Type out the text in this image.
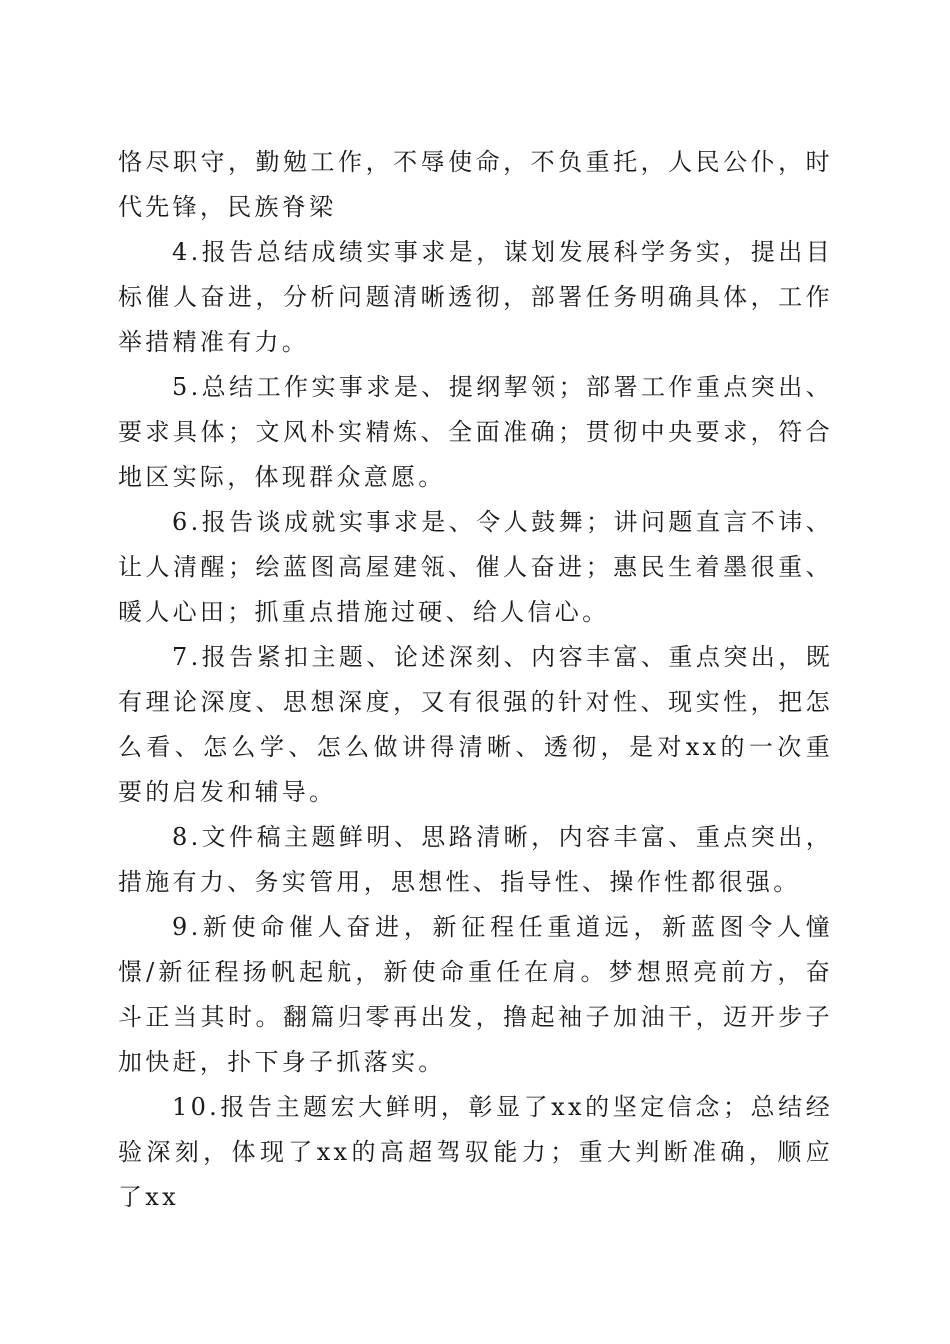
恪尽职守，勤勉工作，不辱使命，不负重托，人民公仆，时代先锋，民族脊梁

4.报告总结成绩实事求是，谋划发展科学务实，提出目标催人奋进，分析问题清晰透彻，部署任务明确具体，工作举措精准有力。

5.总结工作实事求是、提纲挈领；部署工作重点突出、要求具体；文风朴实精炼、全面准确；贯彻中央要求，符合地区实际，体现群众意愿。

6.报告谈成就实事求是、令人鼓舞；讲问题直言不讳、让人清醒；绘蓝图高屋建瓴、催人奋进；惠民生着墨很重、暖人心田；抓重点措施过硬、给人信心。

7.报告紧扣主题、论述深刻、内容丰富、重点突出，既有理论深度、思想深度，又有很强的针对性、现实性，把怎么看、怎么学、怎么做讲得清晰、透彻，是对xx的一次重要的启发和辅导。

8.文件稿主题鲜明、思路清晰，内容丰富、重点突出，措施有力、务实管用，思想性、指导性、操作性都很强。

9.新使命催人奋进，新征程任重道远，新蓝图令人憧憬/新征程扬帆起航，新使命重任在肩。梦想照亮前方，奋斗正当其时。翻篇归零再出发，撸起袖子加油干，迈开步子加快赶，扑下身子抓落实。

10.报告主题宏大鲜明，彰显了xx的坚定信念；总结经验深刻，体现了xx的高超驾驭能力；重大判断准确，顺应了xx
